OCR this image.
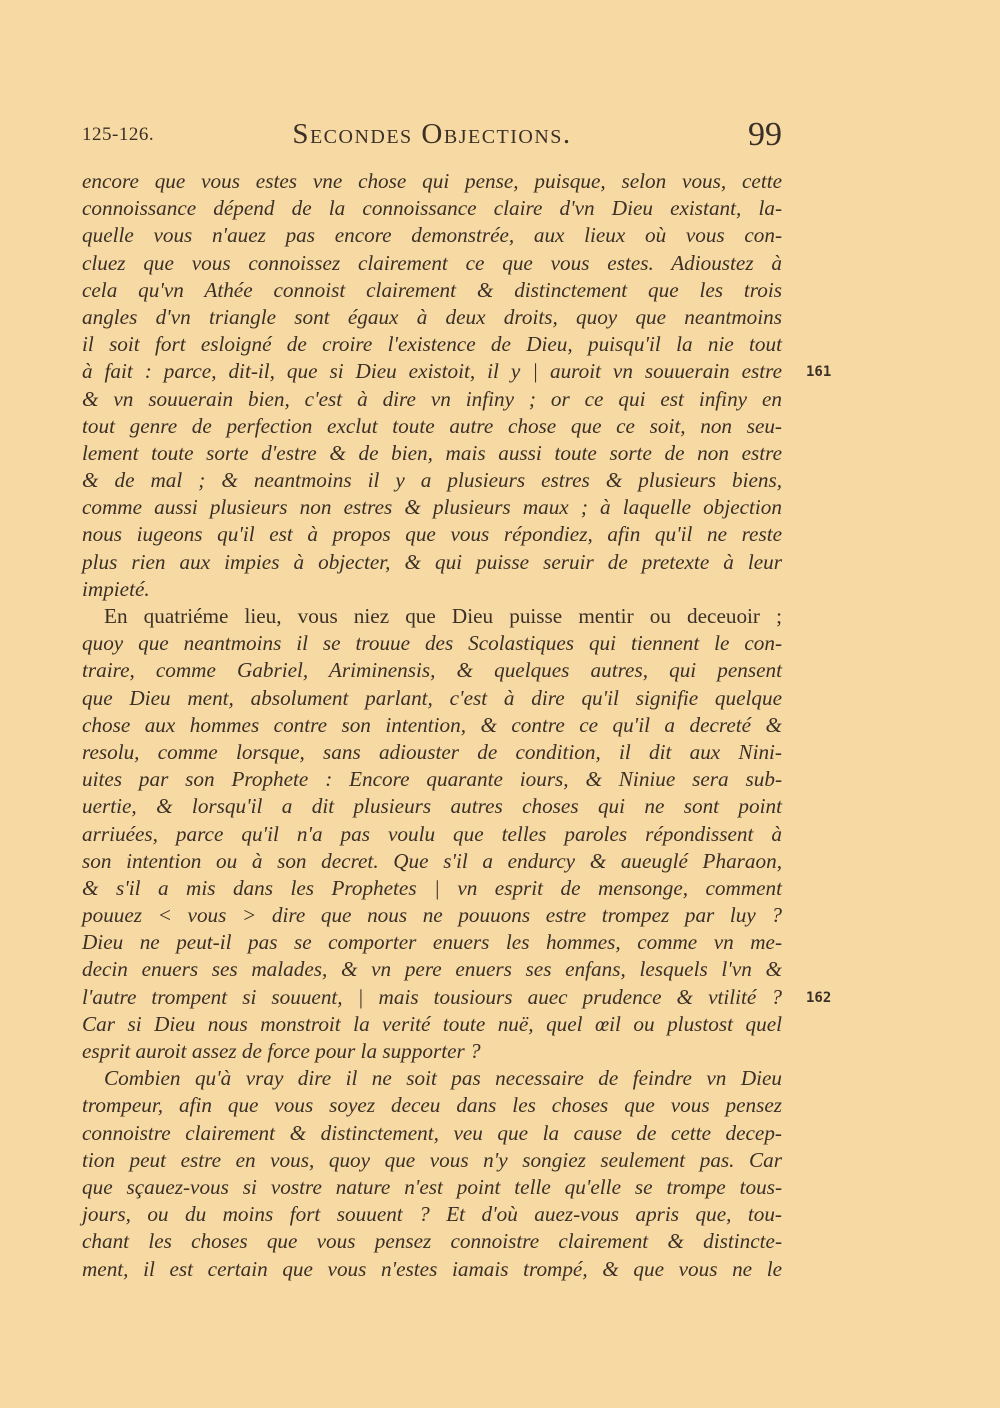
125-126.	Secondes Objections.	99
encore que vous estes vne chose qui pense, puisque, selon vous, cette
connoissance dépend de la connoissance claire d'vn Dieu existant, la-
quelle vous n'auez pas encore demonstrée, aux lieux où vous con-
cluez que vous connoissez clairement ce que vous estes. Adioustez à
cela qu'vn Athée connoist clairement & distinctement que les trois
angles d'vn triangle sont égaux à deux droits, quoy que neantmoins
il soit fort esloigné de croire l'existence de Dieu, puisqu'il la nie tout
à fait : parce, dit-il, que si Dieu existoit, il y | auroit vn souuerain estre
& vn souuerain bien, c'est à dire vn infiny ; or ce qui est infiny en
tout genre de perfection exclut toute autre chose que ce soit, non seu-
lement toute sorte d'estre & de bien, mais aussi toute sorte de non estre
& de mal ; & neantmoins il y a plusieurs estres & plusieurs biens,
comme aussi plusieurs non estres & plusieurs maux ; à laquelle objection
nous iugeons qu'il est à propos que vous répondiez, afin qu'il ne reste
plus rien aux impies à objecter, & qui puisse seruir de pretexte à leur
impieté.
En quatriéme lieu, vous niez que Dieu puisse mentir ou deceuoir ;
quoy que neantmoins il se trouue des Scolastiques qui tiennent le con-
traire, comme Gabriel, Ariminensis, & quelques autres, qui pensent
que Dieu ment, absolument parlant, c'est à dire qu'il signifie quelque
chose aux hommes contre son intention, & contre ce qu'il a decreté &
resolu, comme lorsque, sans adiouster de condition, il dit aux Nini-
uites par son Prophete : Encore quarante iours, & Niniue sera sub-
uertie, & lorsqu'il a dit plusieurs autres choses qui ne sont point
arriuées, parce qu'il n'a pas voulu que telles paroles répondissent à
son intention ou à son decret. Que s'il a endurcy & aueuglé Pharaon,
& s'il a mis dans les Prophetes | vn esprit de mensonge, comment
pouuez < vous > dire que nous ne pouuons estre trompez par luy ?
Dieu ne peut-il pas se comporter enuers les hommes, comme vn me-
decin enuers ses malades, & vn pere enuers ses enfans, lesquels l'vn &
l'autre trompent si souuent, | mais tousiours auec prudence & vtilité ?
Car si Dieu nous monstroit la verité toute nuë, quel œil ou plustost quel
esprit auroit assez de force pour la supporter ?
Combien qu'à vray dire il ne soit pas necessaire de feindre vn Dieu
trompeur, afin que vous soyez deceu dans les choses que vous pensez
connoistre clairement & distinctement, veu que la cause de cette decep-
tion peut estre en vous, quoy que vous n'y songiez seulement pas. Car
que sçauez-vous si vostre nature n'est point telle qu'elle se trompe tous-
jours, ou du moins fort souuent ? Et d'où auez-vous apris que, tou-
chant les choses que vous pensez connoistre clairement & distincte-
ment, il est certain que vous n'estes iamais trompé, & que vous ne le
161
162
